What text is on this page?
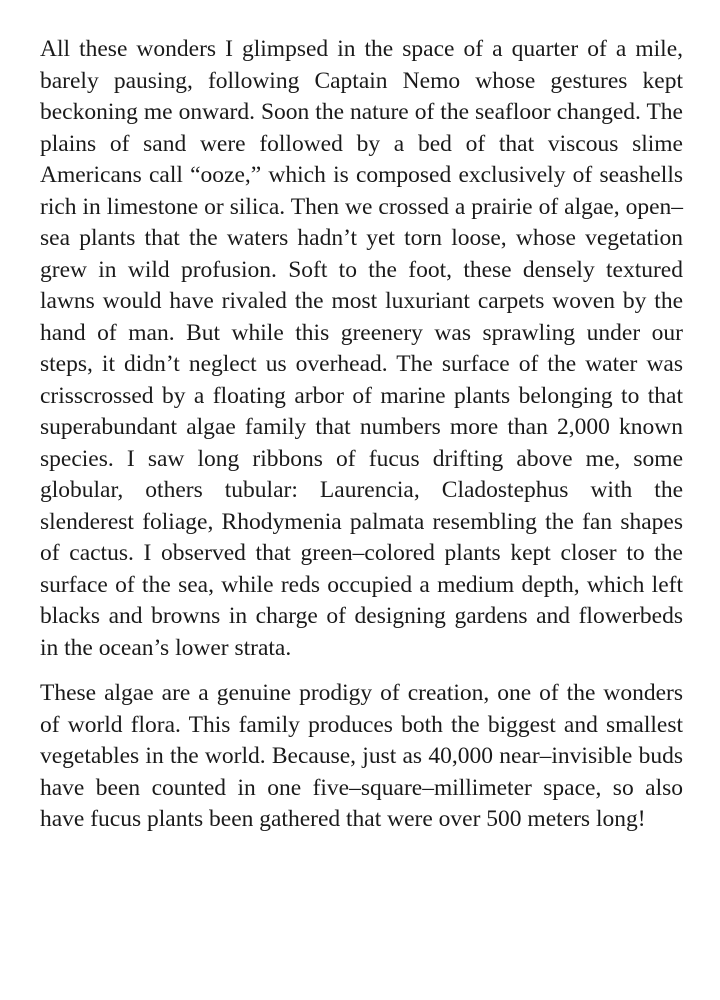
All these wonders I glimpsed in the space of a quarter of a mile, barely pausing, following Captain Nemo whose gestures kept beckoning me onward. Soon the nature of the seafloor changed. The plains of sand were followed by a bed of that viscous slime Americans call “ooze,” which is composed exclusively of seashells rich in limestone or silica. Then we crossed a prairie of algae, open–sea plants that the waters hadn’t yet torn loose, whose vegetation grew in wild profusion. Soft to the foot, these densely textured lawns would have rivaled the most luxuriant carpets woven by the hand of man. But while this greenery was sprawling under our steps, it didn’t neglect us overhead. The surface of the water was crisscrossed by a floating arbor of marine plants belonging to that superabundant algae family that numbers more than 2,000 known species. I saw long ribbons of fucus drifting above me, some globular, others tubular: Laurencia, Cladostephus with the slenderest foliage, Rhodymenia palmata resembling the fan shapes of cactus. I observed that green–colored plants kept closer to the surface of the sea, while reds occupied a medium depth, which left blacks and browns in charge of designing gardens and flowerbeds in the ocean’s lower strata.

These algae are a genuine prodigy of creation, one of the wonders of world flora. This family produces both the biggest and smallest vegetables in the world. Because, just as 40,000 near–invisible buds have been counted in one five–square–millimeter space, so also have fucus plants been gathered that were over 500 meters long!
